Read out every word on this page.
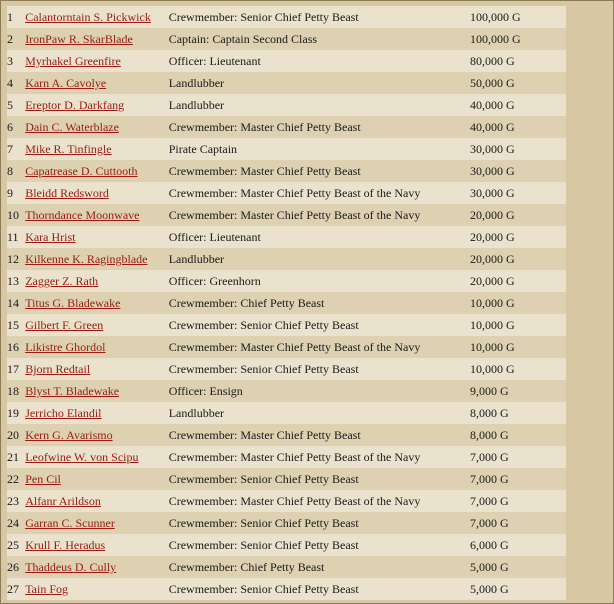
1	Calantorntain S. Pickwick	Crewmember: Senior Chief Petty Beast	100,000 G
2	IronPaw R. SkarBlade	Captain: Captain Second Class	100,000 G
3	Myrhakel Greenfire	Officer: Lieutenant	80,000 G
4	Karn A. Cavolye	Landlubber	50,000 G
5	Ereptor D. Darkfang	Landlubber	40,000 G
6	Dain C. Waterblaze	Crewmember: Master Chief Petty Beast	40,000 G
7	Mike R. Tinfingle	Pirate Captain	30,000 G
8	Capatrease D. Cuttooth	Crewmember: Master Chief Petty Beast	30,000 G
9	Bleidd Redsword	Crewmember: Master Chief Petty Beast of the Navy	30,000 G
10	Thorndance Moonwave	Crewmember: Master Chief Petty Beast of the Navy	20,000 G
11	Kara Hrist	Officer: Lieutenant	20,000 G
12	Kilkenne K. Ragingblade	Landlubber	20,000 G
13	Zagger Z. Rath	Officer: Greenhorn	20,000 G
14	Titus G. Bladewake	Crewmember: Chief Petty Beast	10,000 G
15	Gilbert F. Green	Crewmember: Senior Chief Petty Beast	10,000 G
16	Likistre Ghordol	Crewmember: Master Chief Petty Beast of the Navy	10,000 G
17	Bjorn Redtail	Crewmember: Senior Chief Petty Beast	10,000 G
18	Blyst T. Bladewake	Officer: Ensign	9,000 G
19	Jerricho Elandil	Landlubber	8,000 G
20	Kern G. Avarismo	Crewmember: Master Chief Petty Beast	8,000 G
21	Leofwine W. von Scipu	Crewmember: Master Chief Petty Beast of the Navy	7,000 G
22	Pen Cil	Crewmember: Senior Chief Petty Beast	7,000 G
23	Alfanr Arildson	Crewmember: Master Chief Petty Beast of the Navy	7,000 G
24	Garran C. Scunner	Crewmember: Senior Chief Petty Beast	7,000 G
25	Krull F. Heradus	Crewmember: Senior Chief Petty Beast	6,000 G
26	Thaddeus D. Cully	Crewmember: Chief Petty Beast	5,000 G
27	Tain Fog	Crewmember: Senior Chief Petty Beast	5,000 G
